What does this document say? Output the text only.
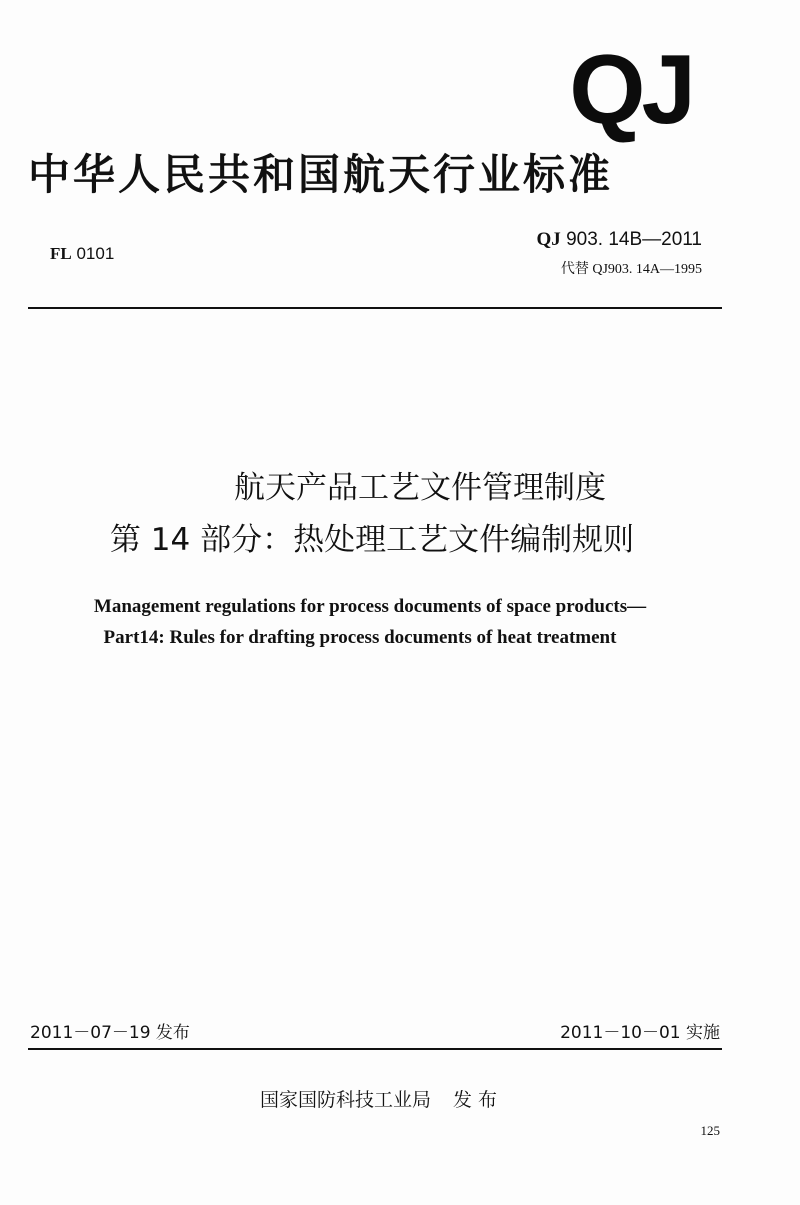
QJ
中华人民共和国航天行业标准
FL 0101
QJ 903. 14B—2011
代替 QJ903. 14A—1995
航天产品工艺文件管理制度
第 14 部分：热处理工艺文件编制规则
Management regulations for process documents of space products—
Part14: Rules for drafting process documents of heat treatment
2011－07－19 发布	2011－10－01 实施
国家国防科技工业局 发 布
125
